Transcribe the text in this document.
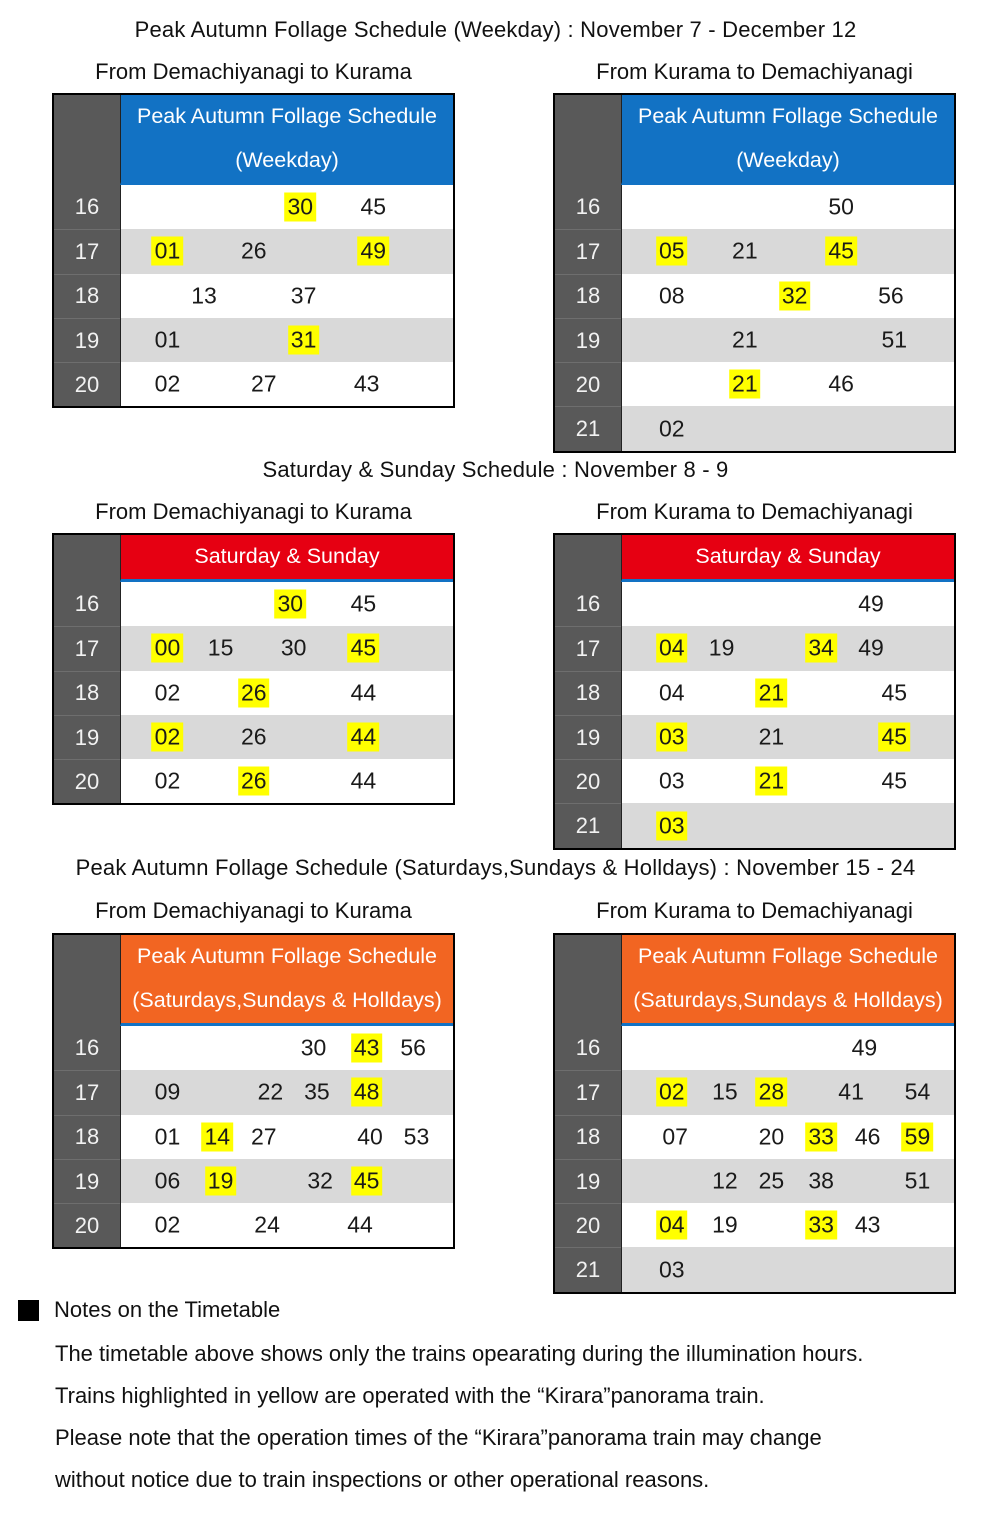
Peak Autumn Follage Schedule (Weekday) : November 7 - December 12
From Demachiyanagi to Kurama
Peak Autumn Follage Schedule
(Weekday)
16	30 45
17	01	26	49
18	13	37
19	01	31
20	02	27	43
From Kurama to Demachiyanagi
Peak Autumn Follage Schedule
(Weekday)
16	50
17	05 21	45
18	08	32	56
19	21	51
20	21	46
21	02
Saturday & Sunday Schedule : November 8 - 9
From Demachiyanagi to Kurama
Saturday & Sunday
16	30 45
17	00 15 30 45
18	02	26	44
19	02	26	44
20	02	26	44
From Kurama to Demachiyanagi
Saturday & Sunday
16	49
17	04 19	34 49
18	04	21	45
19	03	21	45
20	03	21	45
21	03
Peak Autumn Follage Schedule (Saturdays,Sundays & Holldays) : November 15 - 24
From Demachiyanagi to Kurama
Peak Autumn Follage Schedule
(Saturdays,Sundays & Holldays)
16	30 43 56
17	09	22 35 48
18	01 14 27	40 53
19	06 19	32 45
20	02	24	44
From Kurama to Demachiyanagi
Peak Autumn Follage Schedule
(Saturdays,Sundays & Holldays)
16	49
17	02 15 28 41 54
18	07	20 33 46 59
19	12 25 38	51
20	04 19	33 43
21	03
Notes on the Timetable
The timetable above shows only the trains opearating during the illumination hours.
Trains highlighted in yellow are operated with the “Kirara”panorama train.
Please note that the operation times of the “Kirara”panorama train may change
without notice due to train inspections or other operational reasons.
